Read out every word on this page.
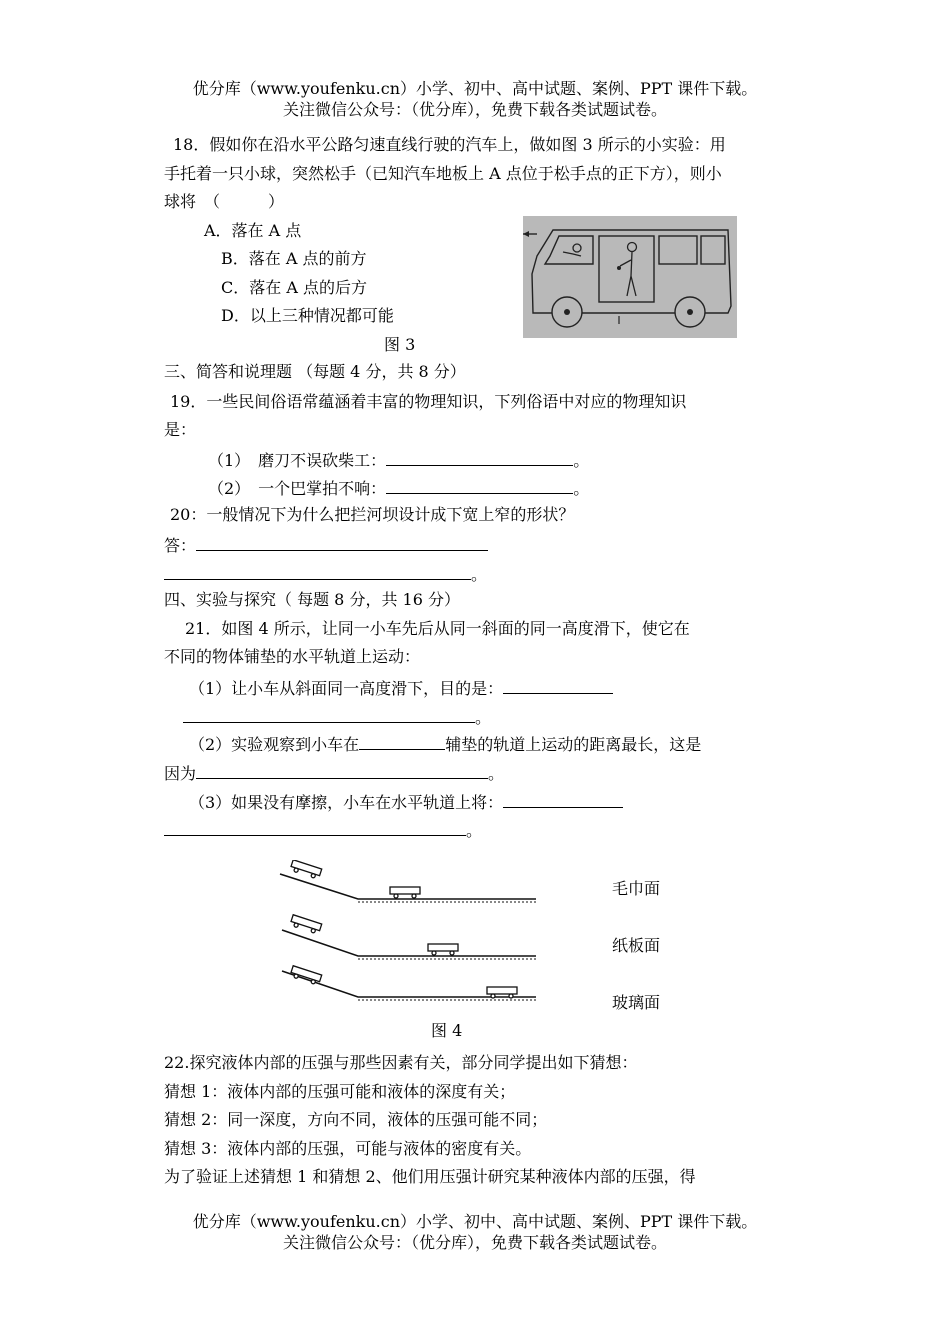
优分库（www.youfenku.cn）小学、初中、高中试题、案例、PPT 课件下载。
关注微信公众号：（优分库），免费下载各类试题试卷。
18．假如你在沿水平公路匀速直线行驶的汽车上，做如图 3 所示的小实验：用
手托着一只小球，突然松手（已知汽车地板上 A 点位于松手点的正下方），则小
球将　（　　　）
A．落在 A 点
B．落在 A 点的前方
C．落在 A 点的后方
D．以上三种情况都可能
图 3
三、简答和说理题 （每题 4 分，共 8 分）
19．一些民间俗语常蕴涵着丰富的物理知识，下列俗语中对应的物理知识
是：
（1）　磨刀不误砍柴工：	。
（2）　一个巴掌拍不响：	。
20：一般情况下为什么把拦河坝设计成下宽上窄的形状？
答：
。
四、实验与探究（ 每题 8 分，共 16 分）
21．如图 4 所示，让同一小车先后从同一斜面的同一高度滑下，使它在
不同的物体铺垫的水平轨道上运动：
（1）让小车从斜面同一高度滑下，目的是：
。
（2）实验观察到小车在	辅垫的轨道上运动的距离最长，这是
因为	。
（3）如果没有摩擦，小车在水平轨道上将：
。
毛巾面
纸板面
玻璃面
图 4
22.探究液体内部的压强与那些因素有关，部分同学提出如下猜想：
猜想 1：液体内部的压强可能和液体的深度有关；
猜想 2：同一深度，方向不同，液体的压强可能不同；
猜想 3：液体内部的压强，可能与液体的密度有关。
为了验证上述猜想 1 和猜想 2、他们用压强计研究某种液体内部的压强，得
优分库（www.youfenku.cn）小学、初中、高中试题、案例、PPT 课件下载。
关注微信公众号：（优分库），免费下载各类试题试卷。
